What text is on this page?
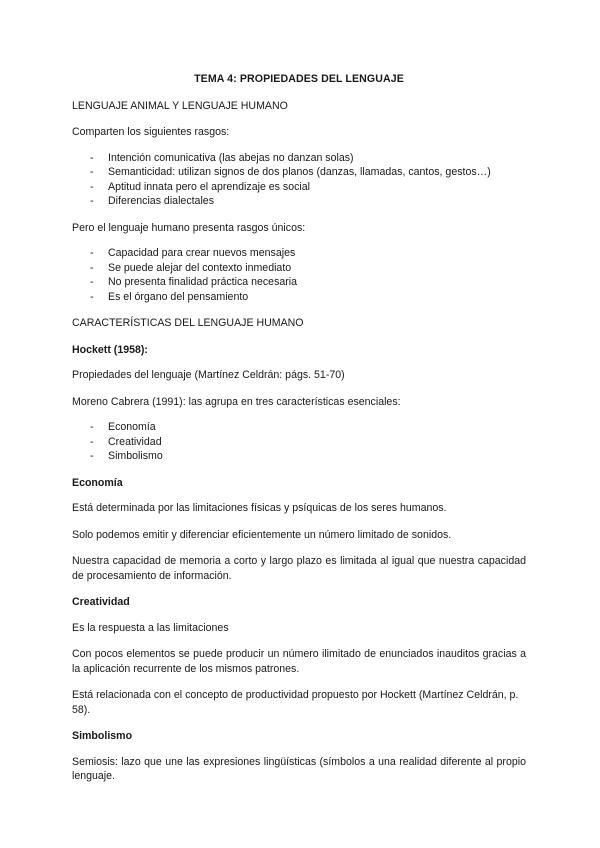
TEMA 4: PROPIEDADES DEL LENGUAJE

LENGUAJE ANIMAL Y LENGUAJE HUMANO

Comparten los siguientes rasgos:

- Intención comunicativa (las abejas no danzan solas)
- Semanticidad: utilizan signos de dos planos (danzas, llamadas, cantos, gestos…)
- Aptitud innata pero el aprendizaje es social
- Diferencias dialectales

Pero el lenguaje humano presenta rasgos únicos:

- Capacidad para crear nuevos mensajes
- Se puede alejar del contexto inmediato
- No presenta finalidad práctica necesaria
- Es el órgano del pensamiento

CARACTERÍSTICAS DEL LENGUAJE HUMANO

Hockett (1958):

Propiedades del lenguaje (Martínez Celdrán: págs. 51-70)

Moreno Cabrera (1991): las agrupa en tres características esenciales:

- Economía
- Creatividad
- Simbolismo
Economía

Está determinada por las limitaciones físicas y psíquicas de los seres humanos.

Solo podemos emitir y diferenciar eficientemente un número limitado de sonidos.

Nuestra capacidad de memoria a corto y largo plazo es limitada al igual que nuestra capacidad de procesamiento de información.

Creatividad

Es la respuesta a las limitaciones

Con pocos elementos se puede producir un número ilimitado de enunciados inauditos gracias a la aplicación recurrente de los mismos patrones.

Está relacionada con el concepto de productividad propuesto por Hockett (Martínez Celdrán, p. 58).

Simbolismo

Semiosis: lazo que une las expresiones lingüísticas (símbolos a una realidad diferente al propio lenguaje.
